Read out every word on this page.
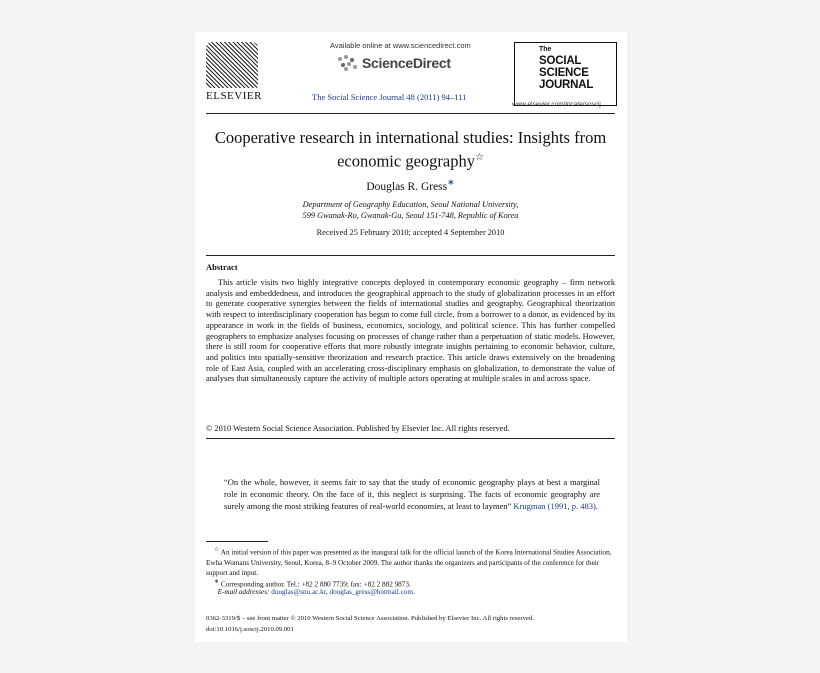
ELSEVIER
Available online at www.sciencedirect.com
ScienceDirect
The Social Science Journal 48 (2011) 94–111
The
SOCIAL
SCIENCE
JOURNAL
www.elsevier.com/locate/soscij
Cooperative research in international studies: Insights from
economic geography☆
Douglas R. Gress∗
Department of Geography Education, Seoul National University,
599 Gwanak-Ro, Gwanak-Gu, Seoul 151-748, Republic of Korea
Received 25 February 2010; accepted 4 September 2010
Abstract

This article visits two highly integrative concepts deployed in contemporary economic geography – firm network analysis and embeddedness, and introduces the geographical approach to the study of globalization processes in an effort to generate cooperative synergies between the fields of international studies and geography. Geographical theorization with respect to interdisciplinary cooperation has begun to come full circle, from a borrower to a donor, as evidenced by its appearance in work in the fields of business, economics, sociology, and political science. This has further compelled geographers to emphasize analyses focusing on processes of change rather than a perpetuation of static models. However, there is still room for cooperative efforts that more robustly integrate insights pertaining to economic behavior, culture, and politics into spatially-sensitive theorization and research practice. This article draws extensively on the broadening role of East Asia, coupled with an accelerating cross-disciplinary emphasis on globalization, to demonstrate the value of analyses that simultaneously capture the activity of multiple actors operating at multiple scales in and across space.

© 2010 Western Social Science Association. Published by Elsevier Inc. All rights reserved.
“On the whole, however, it seems fair to say that the study of economic geography plays at best a marginal role in economic theory. On the face of it, this neglect is surprising. The facts of economic geography are surely among the most striking features of real-world economies, at least to laymen” Krugman (1991, p. 483).

☆ An initial version of this paper was presented as the inaugural talk for the official launch of the Korea International Studies Association, Ewha Womans University, Seoul, Korea, 8–9 October 2009. The author thanks the organizers and participants of the conference for their support and input.

∗ Corresponding author. Tel.: +82 2 880 7739; fax: +82 2 882 9873.

E-mail addresses: douglas@snu.ac.kr, douglas_gress@hotmail.com.

0362-3319/$ – see front matter © 2010 Western Social Science Association. Published by Elsevier Inc. All rights reserved.
doi:10.1016/j.soscij.2010.09.001
